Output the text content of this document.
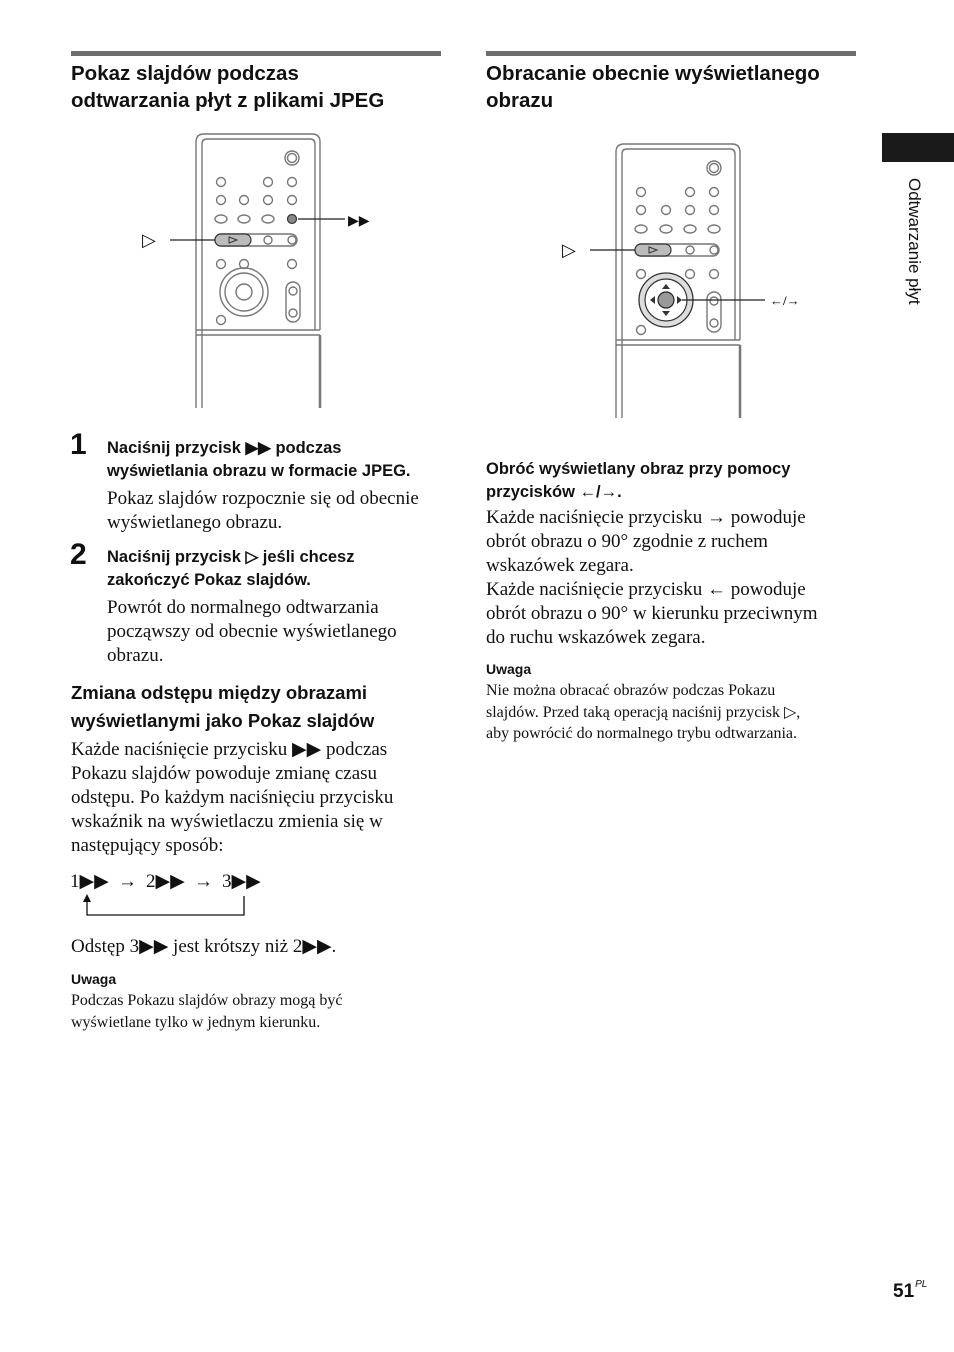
Odtwarzanie płyt
Pokaz slajdów podczas
odtwarzania płyt z plikami JPEG
▶▶
▷
1 Naciśnij przycisk ▶▶ podczas
wyświetlania obrazu w formacie JPEG.
Pokaz slajdów rozpocznie się od obecnie
wyświetlanego obrazu.
2 Naciśnij przycisk ▷ jeśli chcesz
zakończyć Pokaz slajdów.
Powrót do normalnego odtwarzania
począwszy od obecnie wyświetlanego
obrazu.
Zmiana odstępu między obrazami
wyświetlanymi jako Pokaz slajdów
Każde naciśnięcie przycisku ▶▶ podczas
Pokazu slajdów powoduje zmianę czasu
odstępu. Po każdym naciśnięciu przycisku
wskaźnik na wyświetlaczu zmienia się w
następujący sposób:
1▶▶ → 2▶▶ → 3▶▶
Odstęp 3▶▶ jest krótszy niż 2▶▶.
Uwaga
Podczas Pokazu slajdów obrazy mogą być
wyświetlane tylko w jednym kierunku.
Obracanie obecnie wyświetlanego
obrazu
←/→
▷
Obróć wyświetlany obraz przy pomocy
przycisków ←/→.
Każde naciśnięcie przycisku → powoduje
obrót obrazu o 90° zgodnie z ruchem
wskazówek zegara.
Każde naciśnięcie przycisku ← powoduje
obrót obrazu o 90° w kierunku przeciwnym
do ruchu wskazówek zegara.
Uwaga
Nie można obracać obrazów podczas Pokazu
slajdów. Przed taką operacją naciśnij przycisk ▷,
aby powrócić do normalnego trybu odtwarzania.
$51^{PL}$
